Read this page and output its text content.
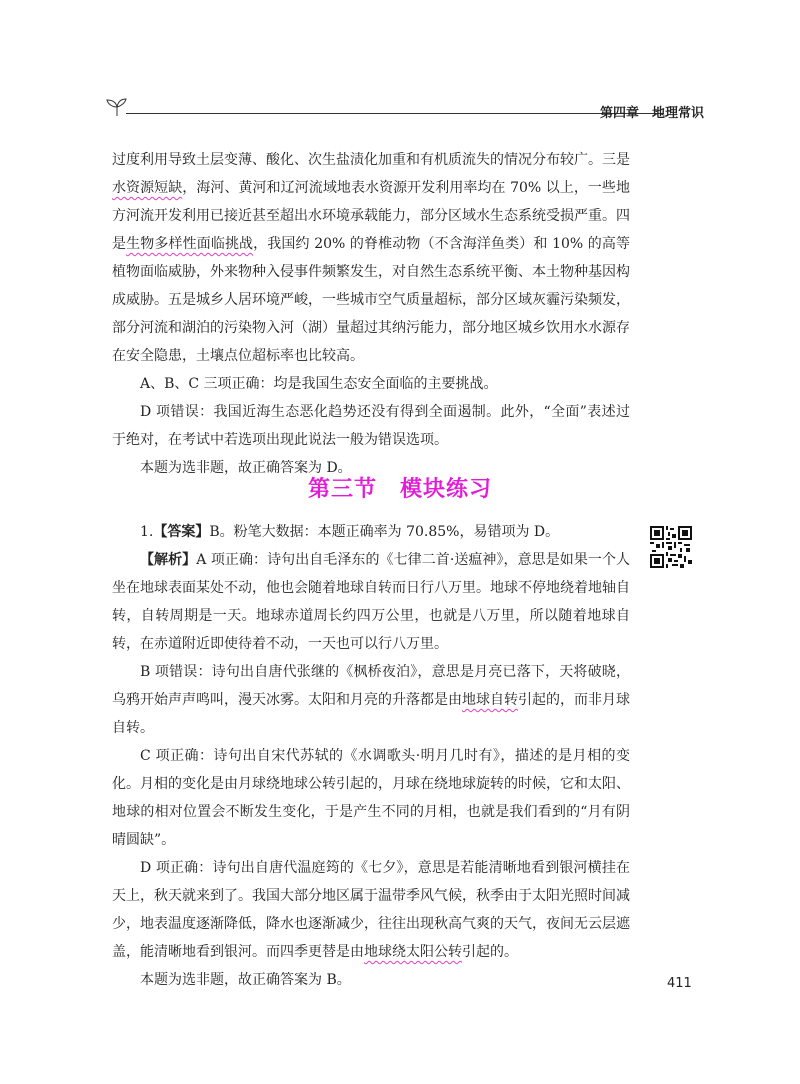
第四章　地理常识

过度利用导致土层变薄、酸化、次生盐渍化加重和有机质流失的情况分布较广。三是水资源短缺，海河、黄河和辽河流域地表水资源开发利用率均在 70% 以上，一些地方河流开发利用已接近甚至超出水环境承载能力，部分区域水生态系统受损严重。四是生物多样性面临挑战，我国约 20% 的脊椎动物（不含海洋鱼类）和 10% 的高等植物面临威胁，外来物种入侵事件频繁发生，对自然生态系统平衡、本土物种基因构成威胁。五是城乡人居环境严峻，一些城市空气质量超标，部分区域灰霾污染频发，部分河流和湖泊的污染物入河（湖）量超过其纳污能力，部分地区城乡饮用水水源存在安全隐患，土壤点位超标率也比较高。

A、B、C 三项正确：均是我国生态安全面临的主要挑战。

D 项错误：我国近海生态恶化趋势还没有得到全面遏制。此外，“全面”表述过于绝对，在考试中若选项出现此说法一般为错误选项。

本题为选非题，故正确答案为 D。

第三节　模块练习

1.【答案】B。粉笔大数据：本题正确率为 70.85%，易错项为 D。

【解析】A 项正确：诗句出自毛泽东的《七律二首·送瘟神》，意思是如果一个人坐在地球表面某处不动，他也会随着地球自转而日行八万里。地球不停地绕着地轴自转，自转周期是一天。地球赤道周长约四万公里，也就是八万里，所以随着地球自转，在赤道附近即使待着不动，一天也可以行八万里。

B 项错误：诗句出自唐代张继的《枫桥夜泊》，意思是月亮已落下，天将破晓，乌鸦开始声声鸣叫，漫天冰雾。太阳和月亮的升落都是由地球自转引起的，而非月球自转。

C 项正确：诗句出自宋代苏轼的《水调歌头·明月几时有》，描述的是月相的变化。月相的变化是由月球绕地球公转引起的，月球在绕地球旋转的时候，它和太阳、地球的相对位置会不断发生变化，于是产生不同的月相，也就是我们看到的“月有阴晴圆缺”。

D 项正确：诗句出自唐代温庭筠的《七夕》，意思是若能清晰地看到银河横挂在天上，秋天就来到了。我国大部分地区属于温带季风气候，秋季由于太阳光照时间减少，地表温度逐渐降低，降水也逐渐减少，往往出现秋高气爽的天气，夜间无云层遮盖，能清晰地看到银河。而四季更替是由地球绕太阳公转引起的。

本题为选非题，故正确答案为 B。	411
